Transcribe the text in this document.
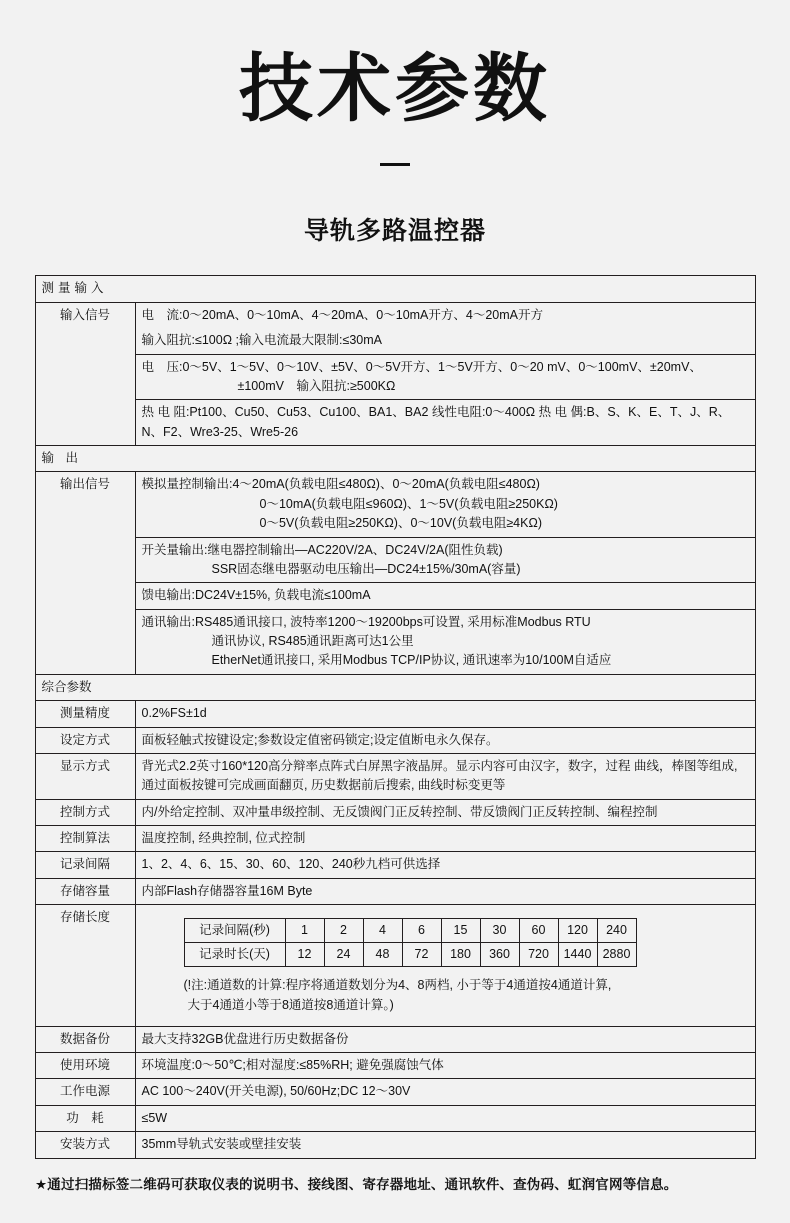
技术参数
导轨多路温控器
测量输入
输入信号	电　流:0～20mA、0～10mA、4～20mA、0～10mA开方、4～20mA开方
输入阻抗:≤100Ω ;输入电流最大限制:≤30mA
电　压:0～5V、1～5V、0～10V、±5V、0～5V开方、1～5V开方、0～20 mV、0～100mV、±20mV、
±100mV　输入阻抗:≥500KΩ

热 电 阻:Pt100、Cu50、Cu53、Cu100、BA1、BA2 线性电阻:0～400Ω 热 电 偶:B、S、K、E、T、J、R、N、F2、Wre3-25、Wre5-26
输 出
输出信号	模拟量控制输出:4～20mA(负载电阻≤480Ω)、0～20mA(负载电阻≤480Ω)
0～10mA(负载电阻≤960Ω)、1～5V(负载电阻≥250KΩ)
0～5V(负载电阻≥250KΩ)、0～10V(负载电阻≥4KΩ)

开关量输出:继电器控制输出—AC220V/2A、DC24V/2A(阻性负载)
SSR固态继电器驱动电压输出—DC24±15%/30mA(容量)

馈电输出:DC24V±15%, 负载电流≤100mA
通讯输出:RS485通讯接口, 波特率1200～19200bps可设置, 采用标准Modbus RTU
通讯协议, RS485通讯距离可达1公里
EtherNet通讯接口, 采用Modbus TCP/IP协议, 通讯速率为10/100M自适应

综合参数
测量精度	0.2%FS±1d
设定方式	面板轻触式按键设定;参数设定值密码锁定;设定值断电永久保存。
显示方式	背光式2.2英寸160*120高分辩率点阵式白屏黑字液晶屏。显示内容可由汉字，数字，过程 曲线，棒图等组成, 通过面板按键可完成画面翻页, 历史数据前后搜索, 曲线时标变更等
控制方式	内/外给定控制、双冲量串级控制、无反馈阀门正反转控制、带反馈阀门正反转控制、编程控制
控制算法	温度控制, 经典控制, 位式控制
记录间隔	1、2、4、6、15、30、60、120、240秒九档可供选择
存储容量	内部Flash存储器容量16M Byte
存储长度	
记录间隔(秒)	1	2	4	6	15	30	60	120	240
记录时长(天)	12	24	48	72	180	360	720	1440	2880
(!注:通道数的计算:程序将通道数划分为4、8两档, 小于等于4通道按4通道计算,
大于4通道小等于8通道按8通道计算。)

数据备份	最大支持32GB优盘进行历史数据备份
使用环境	环境温度:0～50℃;相对湿度:≤85%RH; 避免强腐蚀气体
工作电源	AC 100～240V(开关电源), 50/60Hz;DC 12～30V
功　耗	≤5W
安装方式	35mm导轨式安装或壁挂安装
★通过扫描标签二维码可获取仪表的说明书、接线图、寄存器地址、通讯软件、查伪码、虹润官网等信息。
